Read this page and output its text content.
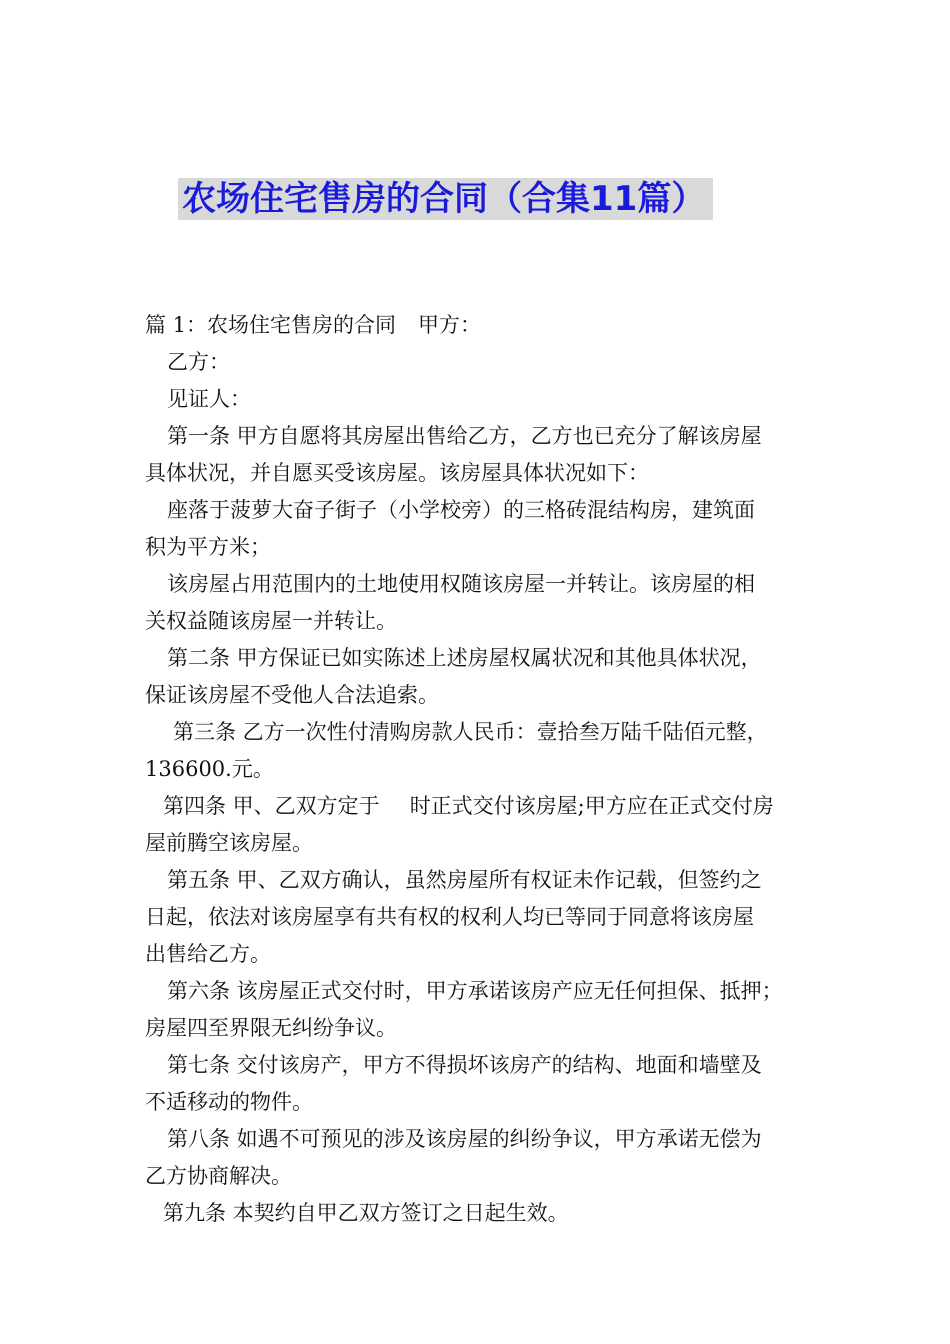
农场住宅售房的合同（合集11篇）
篇 1：农场住宅售房的合同 甲方：
乙方：
见证人：
第一条 甲方自愿将其房屋出售给乙方，乙方也已充分了解该房屋
具体状况，并自愿买受该房屋。该房屋具体状况如下：
座落于菠萝大奋子街子（小学校旁）的三格砖混结构房，建筑面
积为平方米；
该房屋占用范围内的土地使用权随该房屋一并转让。该房屋的相
关权益随该房屋一并转让。
第二条 甲方保证已如实陈述上述房屋权属状况和其他具体状况，
保证该房屋不受他人合法追索。
第三条 乙方一次性付清购房款人民币：壹拾叁万陆千陆佰元整，
136600.元。
第四条 甲、乙双方定于 时正式交付该房屋;甲方应在正式交付房
屋前腾空该房屋。
第五条 甲、乙双方确认，虽然房屋所有权证未作记载，但签约之
日起，依法对该房屋享有共有权的权利人均已等同于同意将该房屋
出售给乙方。
第六条 该房屋正式交付时，甲方承诺该房产应无任何担保、抵押；
房屋四至界限无纠纷争议。
第七条 交付该房产，甲方不得损坏该房产的结构、地面和墙壁及
不适移动的物件。
第八条 如遇不可预见的涉及该房屋的纠纷争议，甲方承诺无偿为
乙方协商解决。
第九条 本契约自甲乙双方签订之日起生效。
